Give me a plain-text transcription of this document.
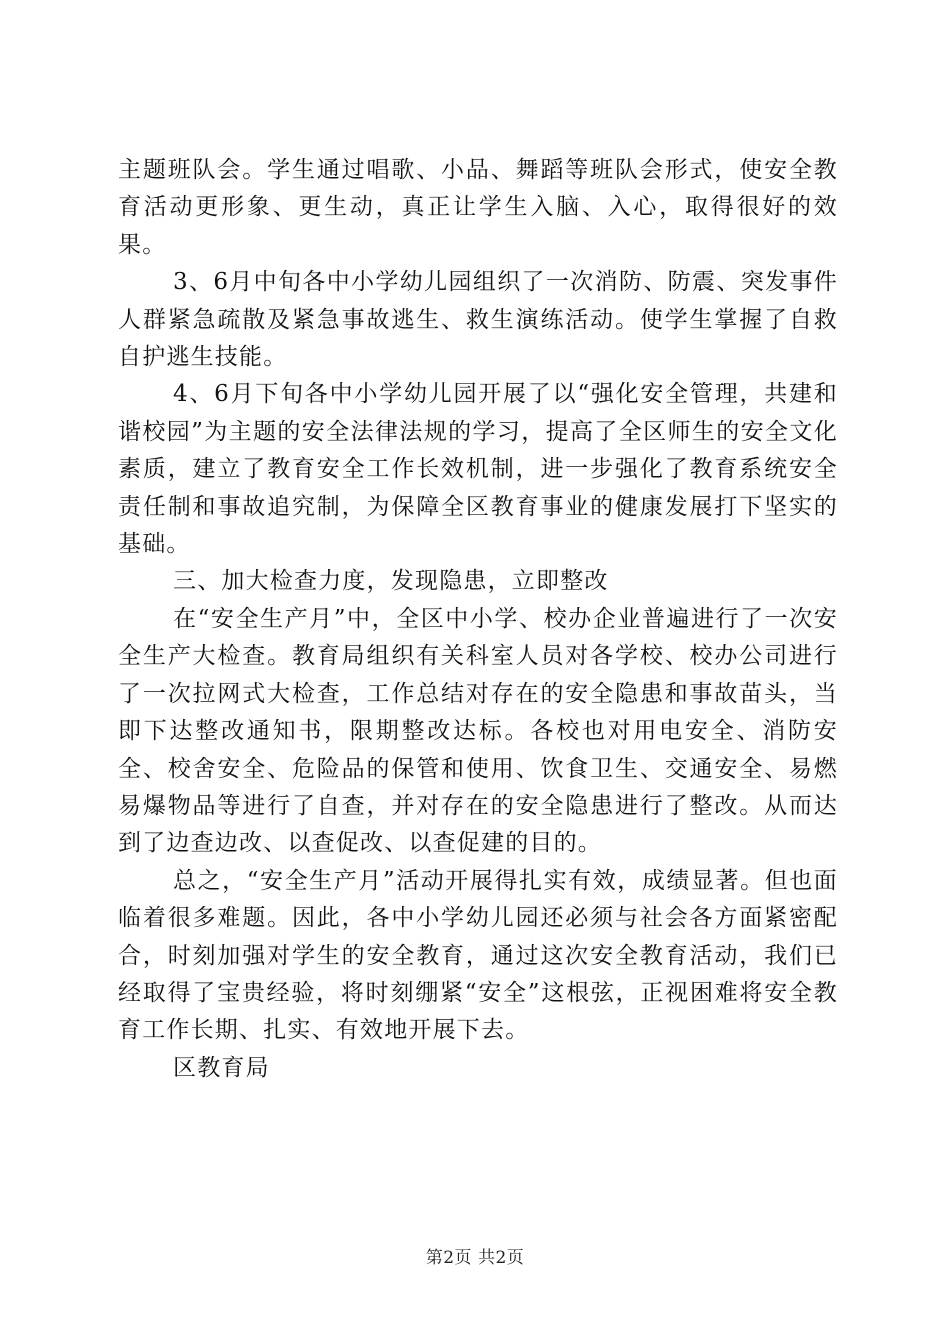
主题班队会。学生通过唱歌、小品、舞蹈等班队会形式，使安全教育活动更形象、更生动，真正让学生入脑、入心，取得很好的效果。

3、6月中旬各中小学幼儿园组织了一次消防、防震、突发事件人群紧急疏散及紧急事故逃生、救生演练活动。使学生掌握了自救自护逃生技能。

4、6月下旬各中小学幼儿园开展了以“强化安全管理，共建和谐校园”为主题的安全法律法规的学习，提高了全区师生的安全文化素质，建立了教育安全工作长效机制，进一步强化了教育系统安全责任制和事故追究制，为保障全区教育事业的健康发展打下坚实的基础。

三、加大检查力度，发现隐患，立即整改

在“安全生产月”中，全区中小学、校办企业普遍进行了一次安全生产大检查。教育局组织有关科室人员对各学校、校办公司进行了一次拉网式大检查，工作总结对存在的安全隐患和事故苗头，当即下达整改通知书，限期整改达标。各校也对用电安全、消防安全、校舍安全、危险品的保管和使用、饮食卫生、交通安全、易燃易爆物品等进行了自查，并对存在的安全隐患进行了整改。从而达到了边查边改、以查促改、以查促建的目的。

总之，“安全生产月”活动开展得扎实有效，成绩显著。但也面临着很多难题。因此，各中小学幼儿园还必须与社会各方面紧密配合，时刻加强对学生的安全教育，通过这次安全教育活动，我们已经取得了宝贵经验，将时刻绷紧“安全”这根弦，正视困难将安全教育工作长期、扎实、有效地开展下去。

区教育局

第2页 共2页
